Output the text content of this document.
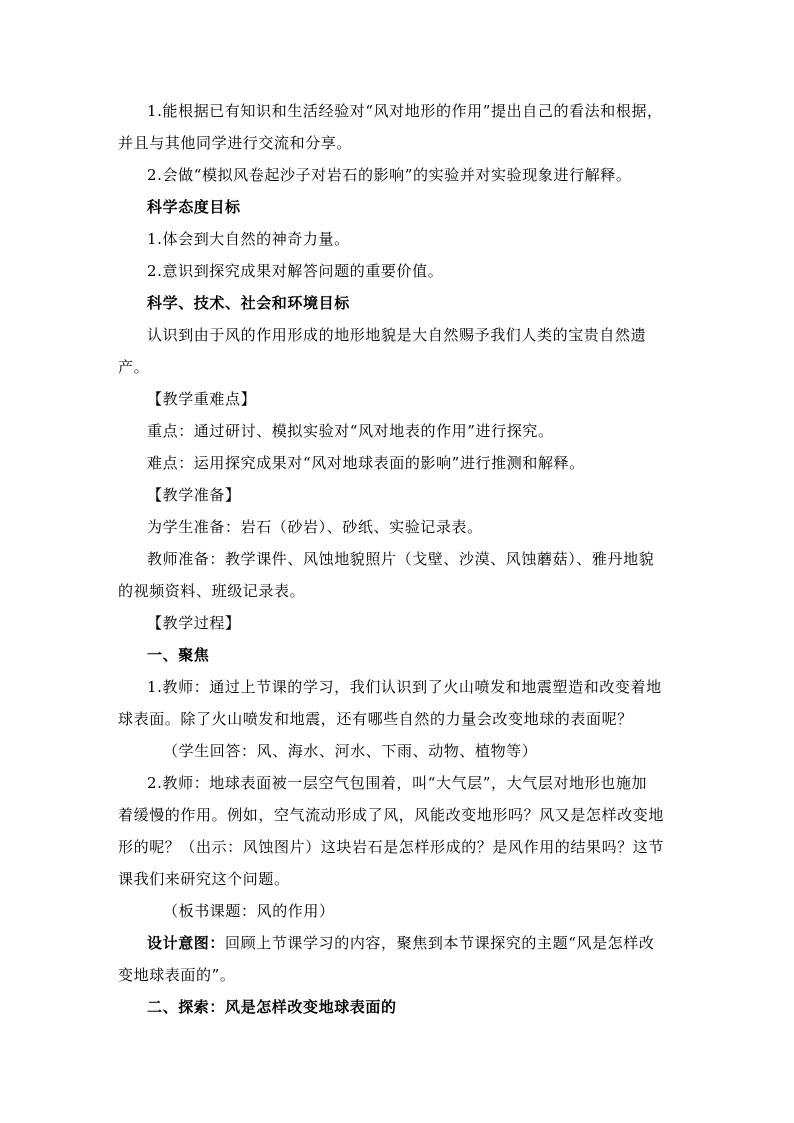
1.能根据已有知识和生活经验对“风对地形的作用”提出自己的看法和根据，
并且与其他同学进行交流和分享。
2.会做“模拟风卷起沙子对岩石的影响”的实验并对实验现象进行解释。
科学态度目标
1.体会到大自然的神奇力量。
2.意识到探究成果对解答问题的重要价值。
科学、技术、社会和环境目标
认识到由于风的作用形成的地形地貌是大自然赐予我们人类的宝贵自然遗
产。
【教学重难点】
重点：通过研讨、模拟实验对“风对地表的作用”进行探究。
难点：运用探究成果对“风对地球表面的影响”进行推测和解释。
【教学准备】
为学生准备：岩石（砂岩）、砂纸、实验记录表。
教师准备：教学课件、风蚀地貌照片（戈壁、沙漠、风蚀蘑菇）、雅丹地貌
的视频资料、班级记录表。
【教学过程】
一、聚焦
1.教师：通过上节课的学习，我们认识到了火山喷发和地震塑造和改变着地
球表面。除了火山喷发和地震，还有哪些自然的力量会改变地球的表面呢？
（学生回答：风、海水、河水、下雨、动物、植物等）
2.教师：地球表面被一层空气包围着，叫“大气层”，大气层对地形也施加
着缓慢的作用。例如，空气流动形成了风，风能改变地形吗？风又是怎样改变地
形的呢？（出示：风蚀图片）这块岩石是怎样形成的？是风作用的结果吗？这节
课我们来研究这个问题。
（板书课题：风的作用）
设计意图：回顾上节课学习的内容，聚焦到本节课探究的主题“风是怎样改
变地球表面的”。
二、探索：风是怎样改变地球表面的
